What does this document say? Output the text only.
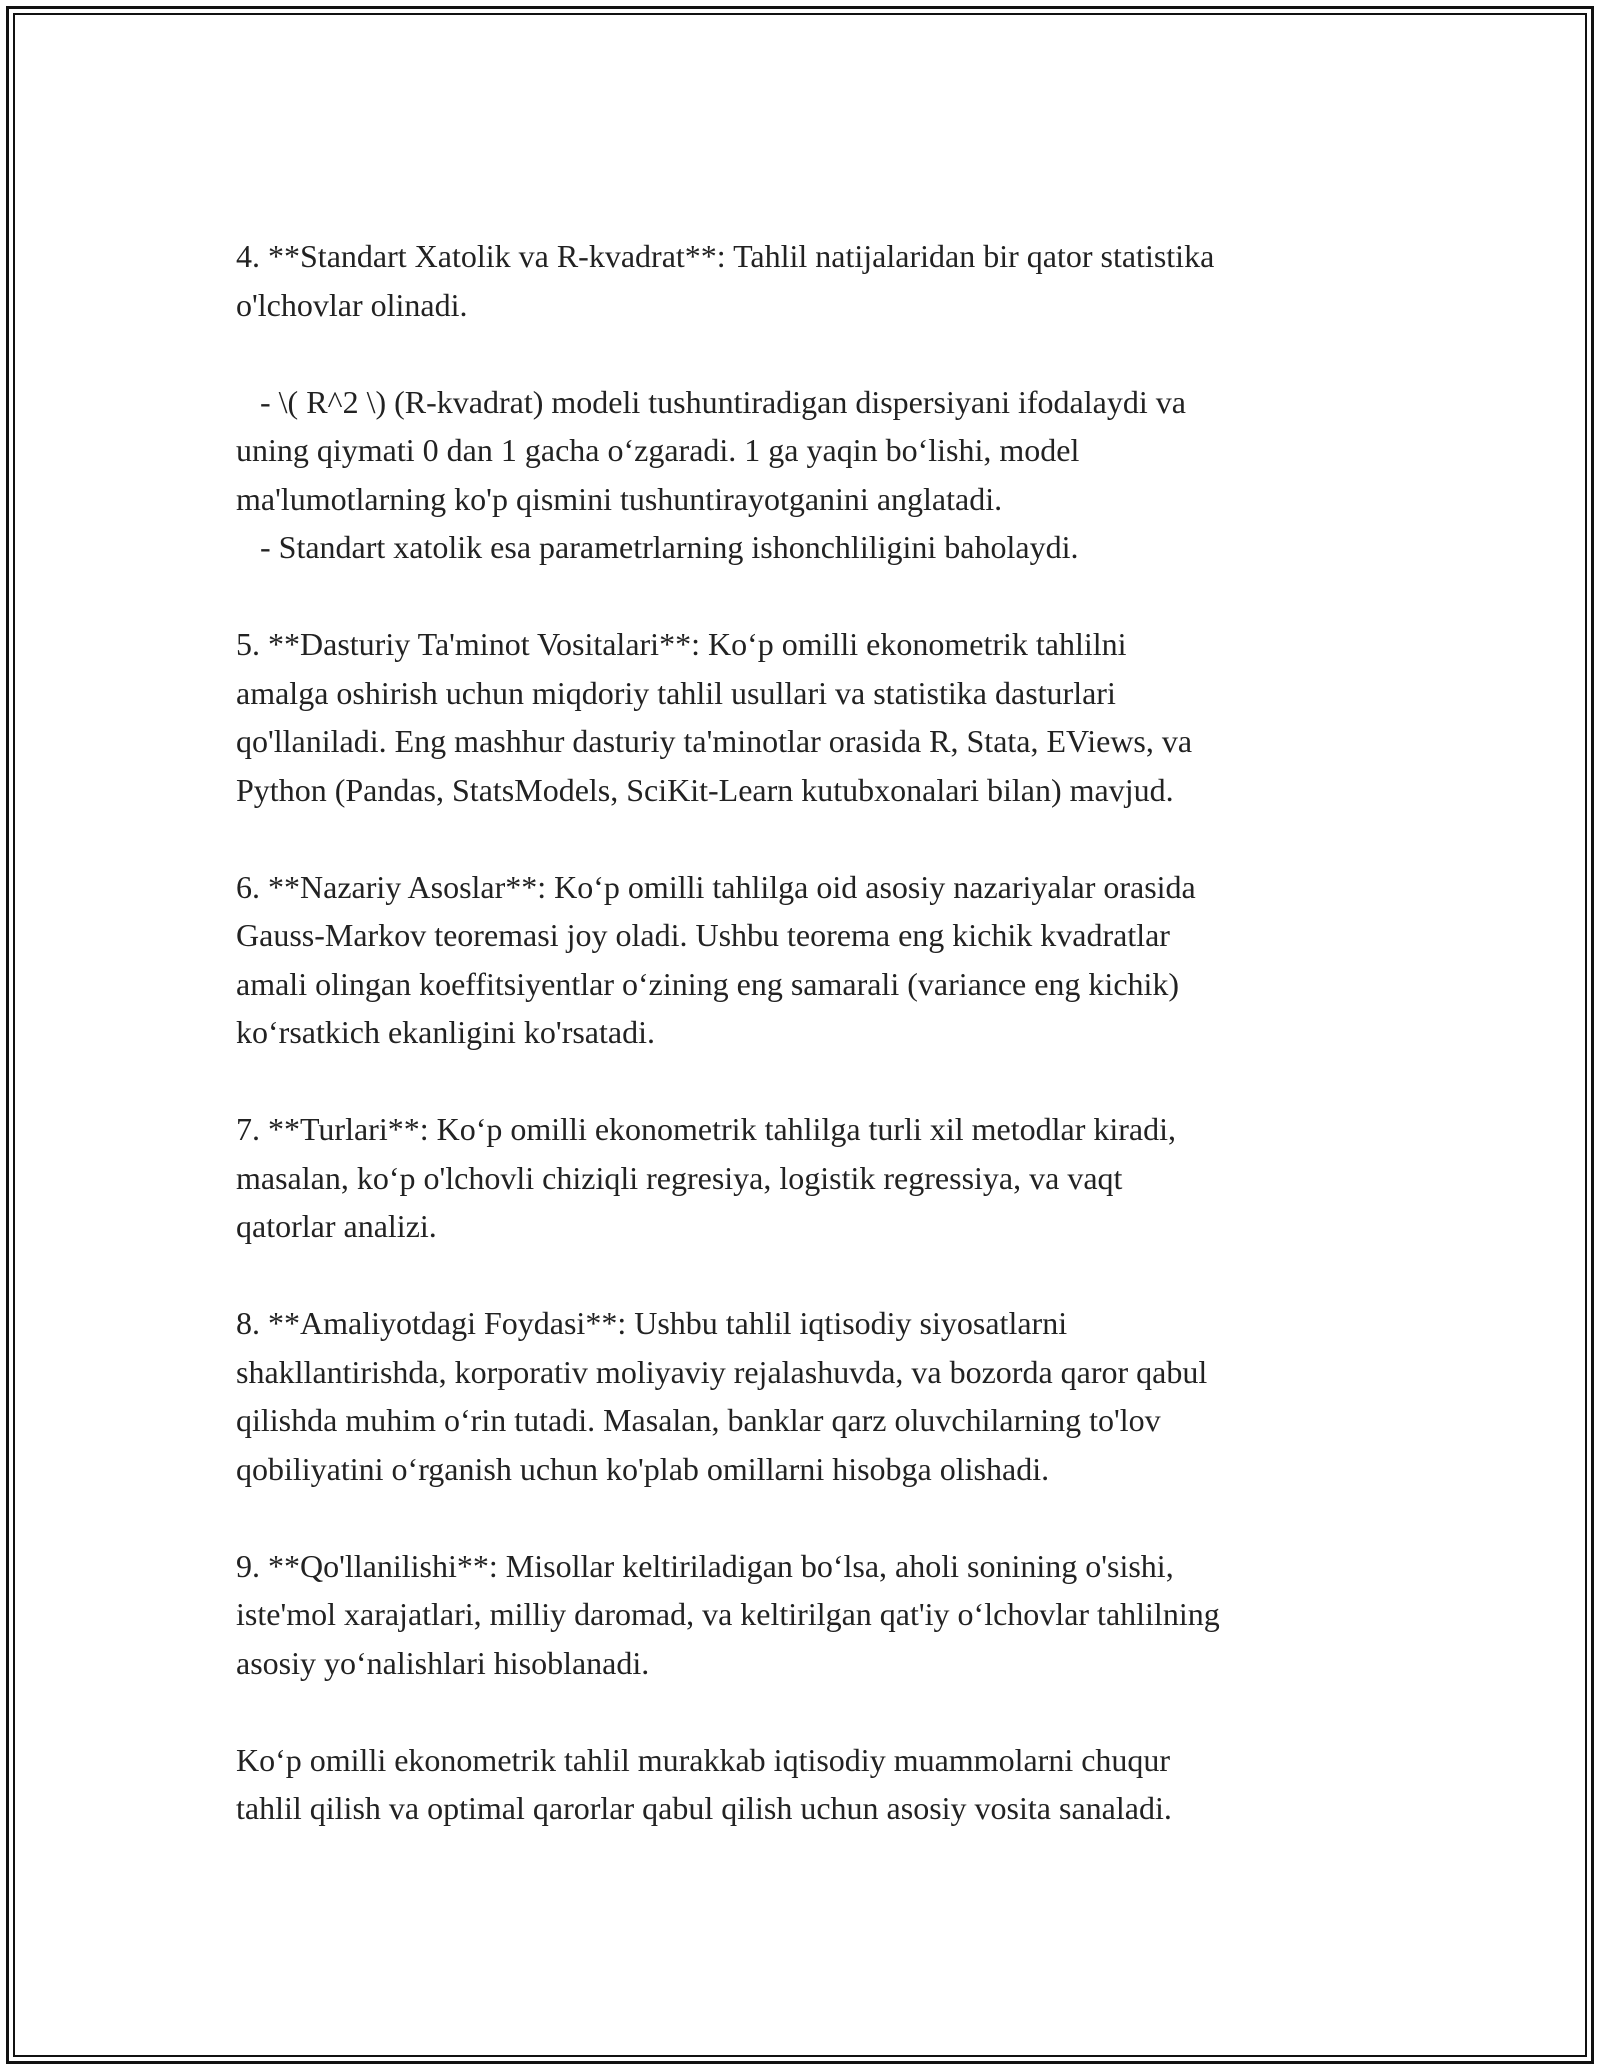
4. **Standart Xatolik va R-kvadrat**: Tahlil natijalaridan bir qator statistika
o'lchovlar olinadi.
- \( R^2 \) (R-kvadrat) modeli tushuntiradigan dispersiyani ifodalaydi va
uning qiymati 0 dan 1 gacha o‘zgaradi. 1 ga yaqin bo‘lishi, model
ma'lumotlarning ko'p qismini tushuntirayotganini anglatadi.
- Standart xatolik esa parametrlarning ishonchliligini baholaydi.
5. **Dasturiy Ta'minot Vositalari**: Ko‘p omilli ekonometrik tahlilni
amalga oshirish uchun miqdoriy tahlil usullari va statistika dasturlari
qo'llaniladi. Eng mashhur dasturiy ta'minotlar orasida R, Stata, EViews, va
Python (Pandas, StatsModels, SciKit-Learn kutubxonalari bilan) mavjud.
6. **Nazariy Asoslar**: Ko‘p omilli tahlilga oid asosiy nazariyalar orasida
Gauss-Markov teoremasi joy oladi. Ushbu teorema eng kichik kvadratlar
amali olingan koeffitsiyentlar o‘zining eng samarali (variance eng kichik)
ko‘rsatkich ekanligini ko'rsatadi.
7. **Turlari**: Ko‘p omilli ekonometrik tahlilga turli xil metodlar kiradi,
masalan, ko‘p o'lchovli chiziqli regresiya, logistik regressiya, va vaqt
qatorlar analizi.
8. **Amaliyotdagi Foydasi**: Ushbu tahlil iqtisodiy siyosatlarni
shakllantirishda, korporativ moliyaviy rejalashuvda, va bozorda qaror qabul
qilishda muhim o‘rin tutadi. Masalan, banklar qarz oluvchilarning to'lov
qobiliyatini o‘rganish uchun ko'plab omillarni hisobga olishadi.
9. **Qo'llanilishi**: Misollar keltiriladigan bo‘lsa, aholi sonining o'sishi,
iste'mol xarajatlari, milliy daromad, va keltirilgan qat'iy o‘lchovlar tahlilning
asosiy yo‘nalishlari hisoblanadi.
Ko‘p omilli ekonometrik tahlil murakkab iqtisodiy muammolarni chuqur
tahlil qilish va optimal qarorlar qabul qilish uchun asosiy vosita sanaladi.
